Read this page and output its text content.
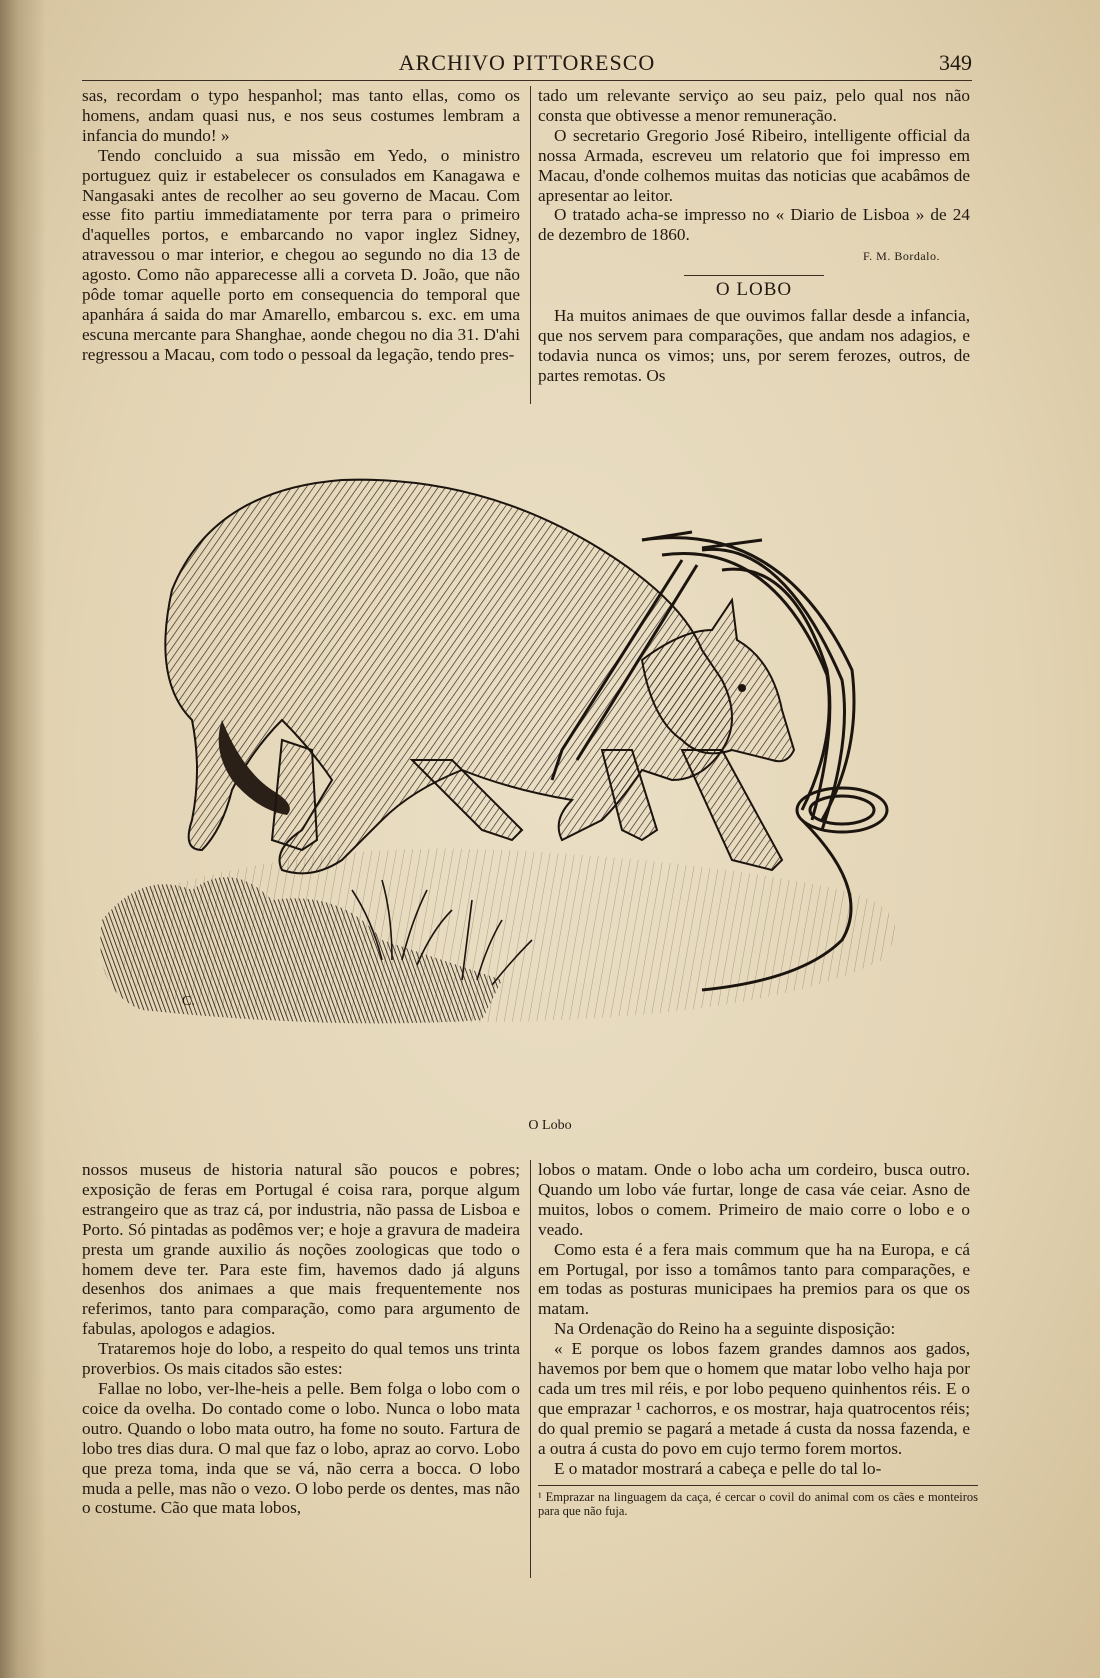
ARCHIVO PITTORESCO	349

sas, recordam o typo hespanhol; mas tanto ellas, como os homens, andam quasi nus, e nos seus costumes lembram a infancia do mundo! »

Tendo concluido a sua missão em Yedo, o ministro portuguez quiz ir estabelecer os consulados em Kanagawa e Nangasaki antes de recolher ao seu governo de Macau. Com esse fito partiu immediatamente por terra para o primeiro d'aquelles portos, e embarcando no vapor inglez Sidney, atravessou o mar interior, e chegou ao segundo no dia 13 de agosto. Como não apparecesse alli a corveta D. João, que não pôde tomar aquelle porto em consequencia do temporal que apanhára á saida do mar Amarello, embarcou s. exc. em uma escuna mercante para Shanghae, aonde chegou no dia 31. D'ahi regressou a Macau, com todo o pessoal da legação, tendo pres-

tado um relevante serviço ao seu paiz, pelo qual nos não consta que obtivesse a menor remuneração.

O secretario Gregorio José Ribeiro, intelligente official da nossa Armada, escreveu um relatorio que foi impresso em Macau, d'onde colhemos muitas das noticias que acabâmos de apresentar ao leitor.

O tratado acha-se impresso no « Diario de Lisboa » de 24 de dezembro de 1860.

F. M. Bordalo.
O LOBO

Ha muitos animaes de que ouvimos fallar desde a infancia, que nos servem para comparações, que andam nos adagios, e todavia nunca os vimos; uns, por serem ferozes, outros, de partes remotas. Os

C.
O Lobo

nossos museus de historia natural são poucos e pobres; exposição de feras em Portugal é coisa rara, porque algum estrangeiro que as traz cá, por industria, não passa de Lisboa e Porto. Só pintadas as podêmos ver; e hoje a gravura de madeira presta um grande auxilio ás noções zoologicas que todo o homem deve ter. Para este fim, havemos dado já alguns desenhos dos animaes a que mais frequentemente nos referimos, tanto para comparação, como para argumento de fabulas, apologos e adagios.

Trataremos hoje do lobo, a respeito do qual temos uns trinta proverbios. Os mais citados são estes:

Fallae no lobo, ver-lhe-heis a pelle. Bem folga o lobo com o coice da ovelha. Do contado come o lobo. Nunca o lobo mata outro. Quando o lobo mata outro, ha fome no souto. Fartura de lobo tres dias dura. O mal que faz o lobo, apraz ao corvo. Lobo que preza toma, inda que se vá, não cerra a bocca. O lobo muda a pelle, mas não o vezo. O lobo perde os dentes, mas não o costume. Cão que mata lobos,

lobos o matam. Onde o lobo acha um cordeiro, busca outro. Quando um lobo váe furtar, longe de casa váe ceiar. Asno de muitos, lobos o comem. Primeiro de maio corre o lobo e o veado.

Como esta é a fera mais commum que ha na Europa, e cá em Portugal, por isso a tomâmos tanto para comparações, e em todas as posturas municipaes ha premios para os que os matam.

Na Ordenação do Reino ha a seguinte disposição:

« E porque os lobos fazem grandes damnos aos gados, havemos por bem que o homem que matar lobo velho haja por cada um tres mil réis, e por lobo pequeno quinhentos réis. E o que emprazar ¹ cachorros, e os mostrar, haja quatrocentos réis; do qual premio se pagará a metade á custa da nossa fazenda, e a outra á custa do povo em cujo termo forem mortos.

E o matador mostrará a cabeça e pelle do tal lo-

¹ Emprazar na linguagem da caça, é cercar o covil do animal com os cães e monteiros para que não fuja.
